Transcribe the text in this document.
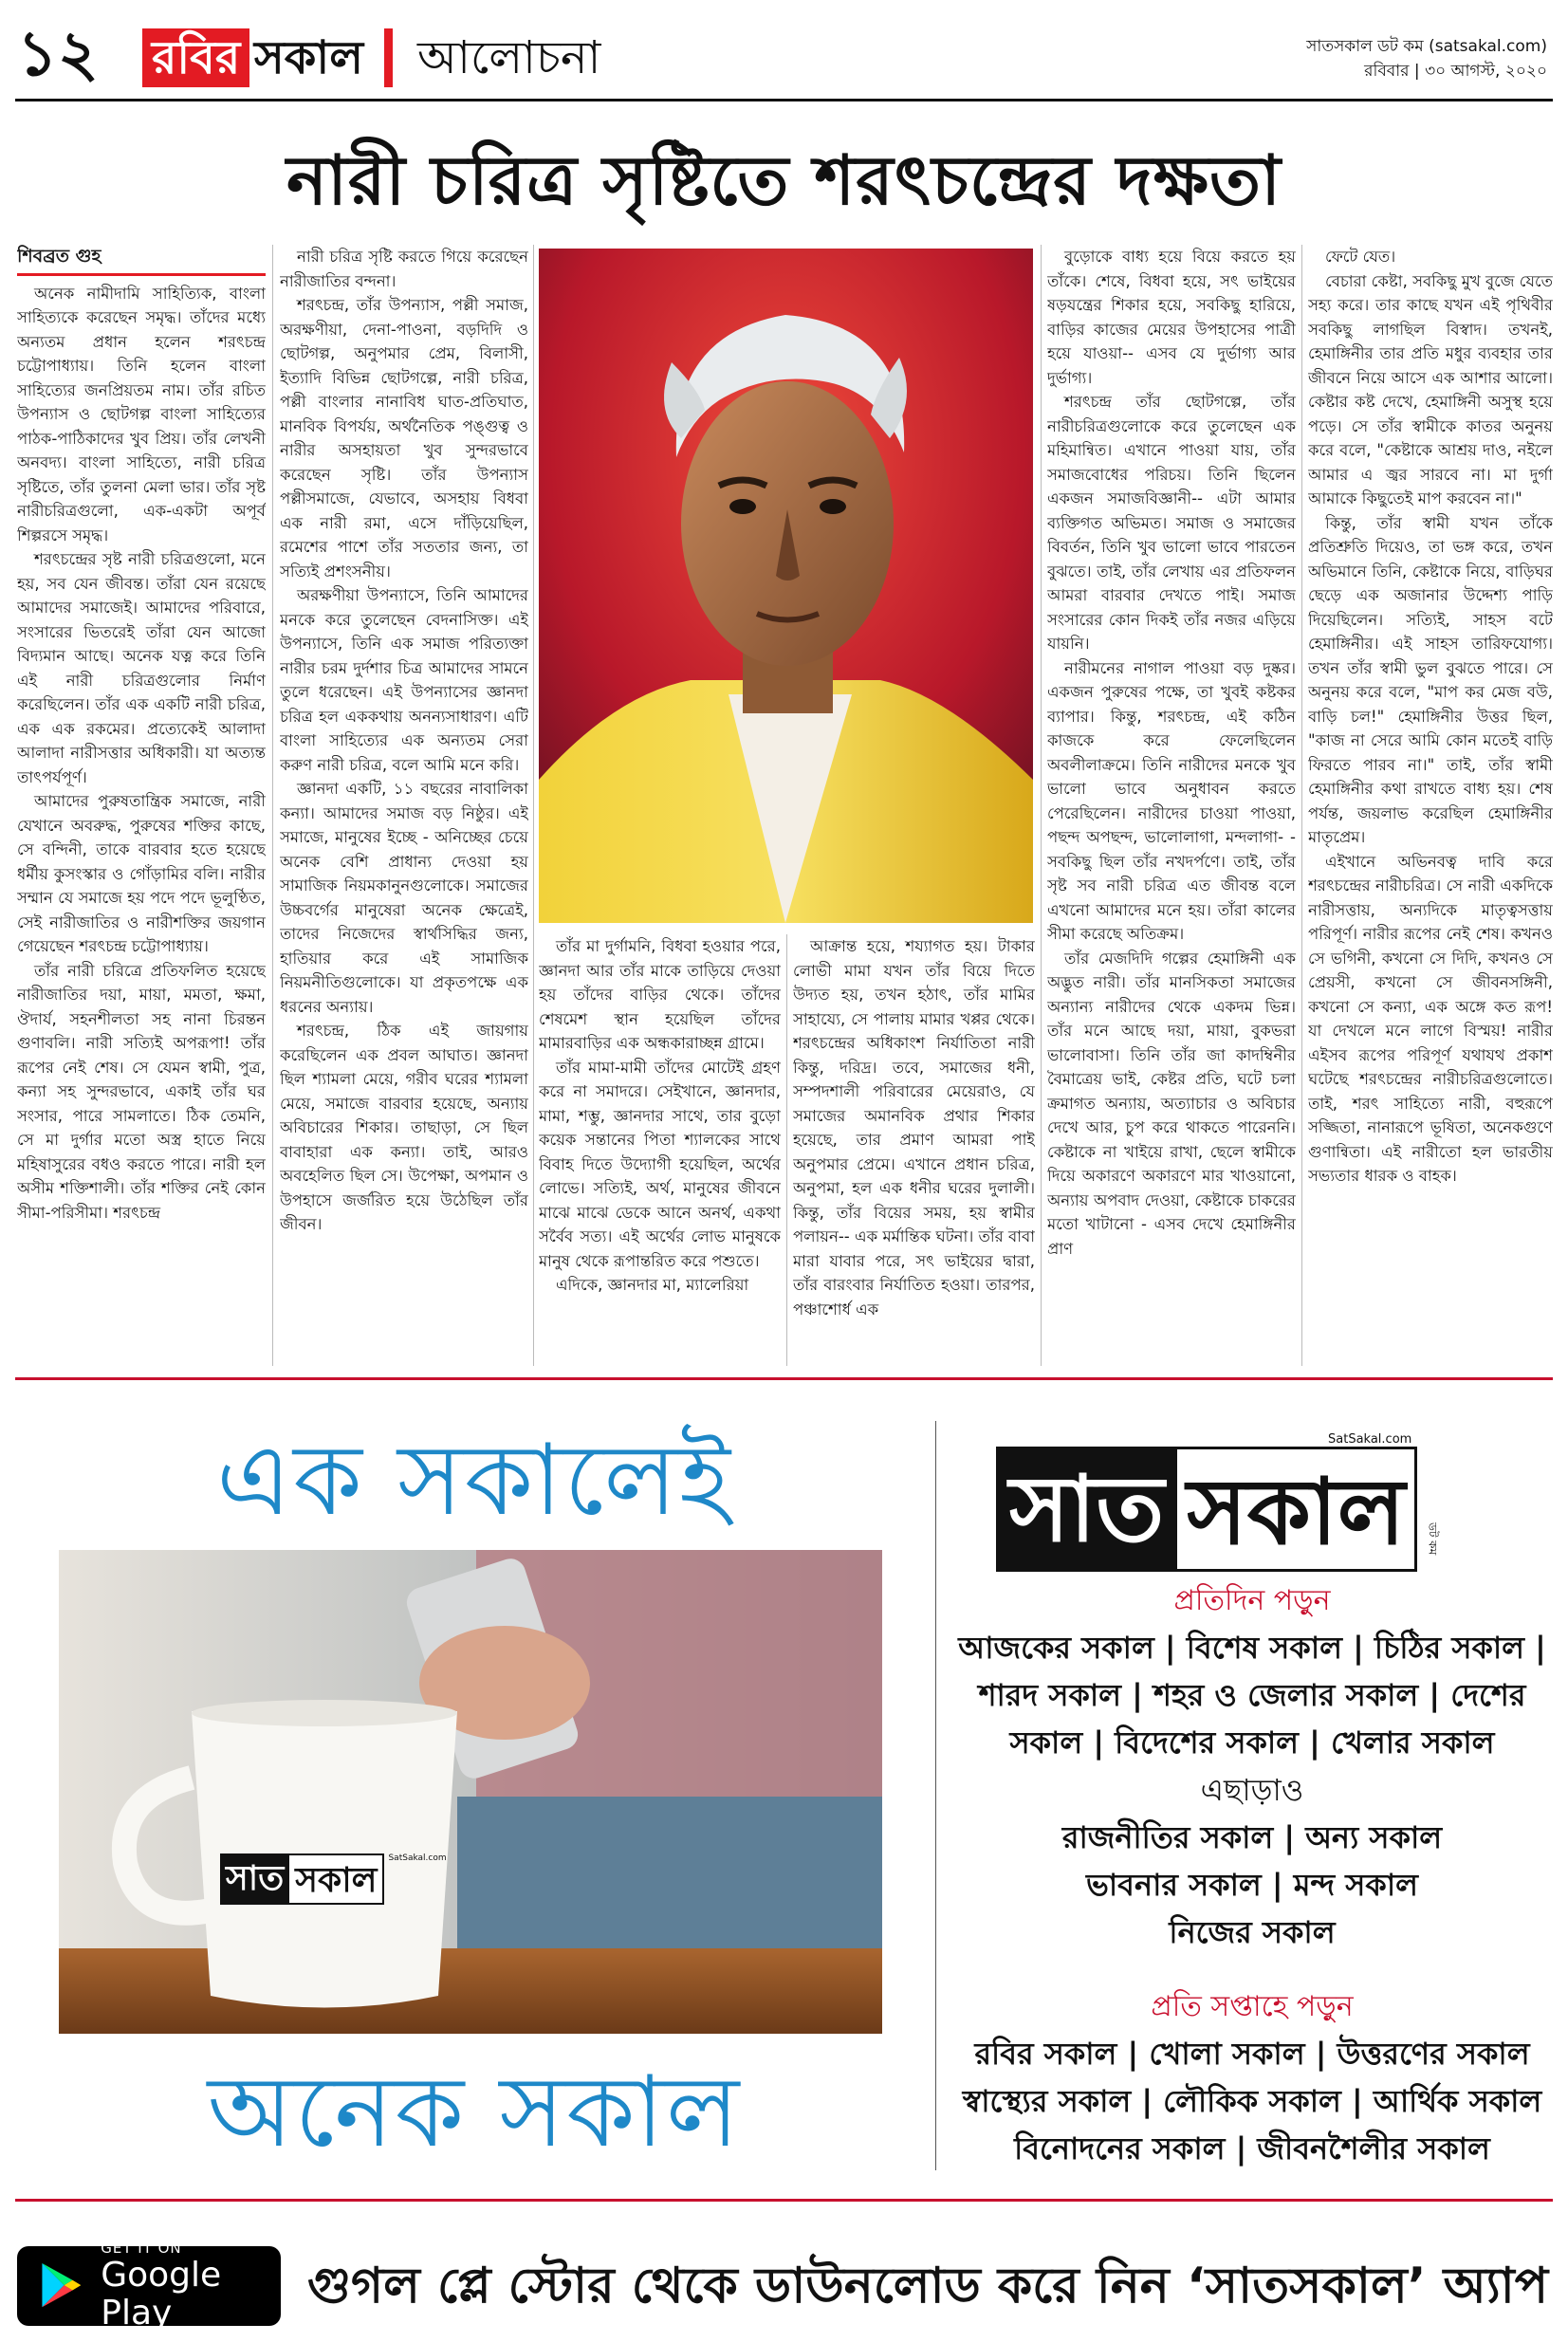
১২ রবির সকাল আলোচনা	সাতসকাল ডট কম (satsakal.com)
রবিবার | ৩০ আগস্ট, ২০২০
নারী চরিত্র সৃষ্টিতে শরৎচন্দ্রের দক্ষতা

শিবব্রত গুহ

অনেক নামীদামি সাহিত্যিক, বাংলা সাহিত্যকে করেছেন সমৃদ্ধ। তাঁদের মধ্যে অন্যতম প্রধান হলেন শরৎচন্দ্র চট্টোপাধ্যায়। তিনি হলেন বাংলা সাহিত্যের জনপ্রিয়তম নাম। তাঁর রচিত উপন্যাস ও ছোটগল্প বাংলা সাহিত্যের পাঠক-পাঠিকাদের খুব প্রিয়। তাঁর লেখনী অনবদ্য। বাংলা সাহিত্যে, নারী চরিত্র সৃষ্টিতে, তাঁর তুলনা মেলা ভার। তাঁর সৃষ্ট নারীচরিত্রগুলো, এক-একটা অপূর্ব শিল্পরসে সমৃদ্ধ।

শরৎচন্দ্রের সৃষ্ট নারী চরিত্রগুলো, মনে হয়, সব যেন জীবন্ত। তাঁরা যেন রয়েছে আমাদের সমাজেই। আমাদের পরিবারে, সংসারের ভিতরেই তাঁরা যেন আজো বিদ্যমান আছে। অনেক যত্ন করে তিনি এই নারী চরিত্রগুলোর নির্মাণ করেছিলেন। তাঁর এক একটি নারী চরিত্র, এক এক রকমের। প্রত্যেকেই আলাদা আলাদা নারীসত্তার অধিকারী। যা অত্যন্ত তাৎপর্যপূর্ণ।

আমাদের পুরুষতান্ত্রিক সমাজে, নারী যেখানে অবরুদ্ধ, পুরুষের শক্তির কাছে, সে বন্দিনী, তাকে বারবার হতে হয়েছে ধর্মীয় কুসংস্কার ও গোঁড়ামির বলি। নারীর সম্মান যে সমাজে হয় পদে পদে ভূলুণ্ঠিত, সেই নারীজাতির ও নারীশক্তির জয়গান গেয়েছেন শরৎচন্দ্র চট্টোপাধ্যায়।

তাঁর নারী চরিত্রে প্রতিফলিত হয়েছে নারীজাতির দয়া, মায়া, মমতা, ক্ষমা, ঔদার্য, সহনশীলতা সহ নানা চিরন্তন গুণাবলি। নারী সত্যিই অপরূপা! তাঁর রূপের নেই শেষ। সে যেমন স্বামী, পুত্র, কন্যা সহ সুন্দরভাবে, একাই তাঁর ঘর সংসার, পারে সামলাতে। ঠিক তেমনি, সে মা দুর্গার মতো অস্ত্র হাতে নিয়ে মহিষাসুরের বধও করতে পারে। নারী হল অসীম শক্তিশালী। তাঁর শক্তির নেই কোন সীমা-পরিসীমা। শরৎচন্দ্র

নারী চরিত্র সৃষ্টি করতে গিয়ে করেছেন নারীজাতির বন্দনা।

শরৎচন্দ্র, তাঁর উপন্যাস, পল্লী সমাজ, অরক্ষণীয়া, দেনা-পাওনা, বড়দিদি ও ছোটগল্প, অনুপমার প্রেম, বিলাসী, ইত্যাদি বিভিন্ন ছোটগল্পে, নারী চরিত্র, পল্লী বাংলার নানাবিধ ঘাত-প্রতিঘাত, মানবিক বিপর্যয়, অর্থনৈতিক পঙ্গুত্ব ও নারীর অসহায়তা খুব সুন্দরভাবে করেছেন সৃষ্টি। তাঁর উপন্যাস পল্লীসমাজে, যেভাবে, অসহায় বিধবা এক নারী রমা, এসে দাঁড়িয়েছিল, রমেশের পাশে তাঁর সততার জন্য, তা সত্যিই প্রশংসনীয়।

অরক্ষণীয়া উপন্যাসে, তিনি আমাদের মনকে করে তুলেছেন বেদনাসিক্ত। এই উপন্যাসে, তিনি এক সমাজ পরিত্যক্তা নারীর চরম দুর্দশার চিত্র আমাদের সামনে তুলে ধরেছেন। এই উপন্যাসের জ্ঞানদা চরিত্র হল এককথায় অনন্যসাধারণ। এটি বাংলা সাহিত্যের এক অন্যতম সেরা করুণ নারী চরিত্র, বলে আমি মনে করি।

জ্ঞানদা একটি, ১১ বছরের নাবালিকা কন্যা। আমাদের সমাজ বড় নিষ্ঠুর। এই সমাজে, মানুষের ইচ্ছে - অনিচ্ছের চেয়ে অনেক বেশি প্রাধান্য দেওয়া হয় সামাজিক নিয়মকানুনগুলোকে। সমাজের উচ্চবর্গের মানুষেরা অনেক ক্ষেত্রেই, তাদের নিজেদের স্বার্থসিদ্ধির জন্য, হাতিয়ার করে এই সামাজিক নিয়মনীতিগুলোকে। যা প্রকৃতপক্ষে এক ধরনের অন্যায়।

শরৎচন্দ্র, ঠিক এই জায়গায় করেছিলেন এক প্রবল আঘাত। জ্ঞানদা ছিল শ্যামলা মেয়ে, গরীব ঘরের শ্যামলা মেয়ে, সমাজে বারবার হয়েছে, অন্যায় অবিচারের শিকার। তাছাড়া, সে ছিল বাবাহারা এক কন্যা। তাই, আরও অবহেলিত ছিল সে। উপেক্ষা, অপমান ও উপহাসে জর্জরিত হয়ে উঠেছিল তাঁর জীবন।

তাঁর মা দুর্গামনি, বিধবা হওয়ার পরে, জ্ঞানদা আর তাঁর মাকে তাড়িয়ে দেওয়া হয় তাঁদের বাড়ির থেকে। তাঁদের শেষমেশ স্থান হয়েছিল তাঁদের মামারবাড়ির এক অন্ধকারাচ্ছন্ন গ্রামে।

তাঁর মামা-মামী তাঁদের মোটেই গ্রহণ করে না সমাদরে। সেইখানে, জ্ঞানদার, মামা, শম্ভু, জ্ঞানদার সাথে, তার বুড়ো কয়েক সন্তানের পিতা শ্যালকের সাথে বিবাহ দিতে উদ্যোগী হয়েছিল, অর্থের লোভে। সত্যিই, অর্থ, মানুষের জীবনে মাঝে মাঝে ডেকে আনে অনর্থ, একথা সর্বৈব সত্য। এই অর্থের লোভ মানুষকে মানুষ থেকে রূপান্তরিত করে পশুতে।

এদিকে, জ্ঞানদার মা, ম্যালেরিয়া

আক্রান্ত হয়ে, শয্যাগত হয়। টাকার লোভী মামা যখন তাঁর বিয়ে দিতে উদ্যত হয়, তখন হঠাৎ, তাঁর মামির সাহায্যে, সে পালায় মামার খপ্পর থেকে। শরৎচন্দ্রের অধিকাংশ নির্যাতিতা নারী কিন্তু, দরিদ্র। তবে, সমাজের ধনী, সম্পদশালী পরিবারের মেয়েরাও, যে সমাজের অমানবিক প্রথার শিকার হয়েছে, তার প্রমাণ আমরা পাই অনুপমার প্রেমে। এখানে প্রধান চরিত্র, অনুপমা, হল এক ধনীর ঘরের দুলালী। কিন্তু, তাঁর বিয়ের সময়, হয় স্বামীর পলায়ন-- এক মর্মান্তিক ঘটনা। তাঁর বাবা মারা যাবার পরে, সৎ ভাইয়ের দ্বারা, তাঁর বারংবার নির্যাতিত হওয়া। তারপর, পঞ্চাশোর্ধ এক

বুড়োকে বাধ্য হয়ে বিয়ে করতে হয় তাঁকে। শেষে, বিধবা হয়ে, সৎ ভাইয়ের ষড়যন্ত্রের শিকার হয়ে, সবকিছু হারিয়ে, বাড়ির কাজের মেয়ের উপহাসের পাত্রী হয়ে যাওয়া-- এসব যে দুর্ভাগ্য আর দুর্ভাগ্য।

শরৎচন্দ্র তাঁর ছোটগল্পে, তাঁর নারীচরিত্রগুলোকে করে তুলেছেন এক মহিমান্বিত। এখানে পাওয়া যায়, তাঁর সমাজবোধের পরিচয়। তিনি ছিলেন একজন সমাজবিজ্ঞানী-- এটা আমার ব্যক্তিগত অভিমত। সমাজ ও সমাজের বিবর্তন, তিনি খুব ভালো ভাবে পারতেন বুঝতে। তাই, তাঁর লেখায় এর প্রতিফলন আমরা বারবার দেখতে পাই। সমাজ সংসারের কোন দিকই তাঁর নজর এড়িয়ে যায়নি।

নারীমনের নাগাল পাওয়া বড় দুষ্কর। একজন পুরুষের পক্ষে, তা খুবই কষ্টকর ব্যাপার। কিন্তু, শরৎচন্দ্র, এই কঠিন কাজকে করে ফেলেছিলেন অবলীলাক্রমে। তিনি নারীদের মনকে খুব ভালো ভাবে অনুধাবন করতে পেরেছিলেন। নারীদের চাওয়া পাওয়া, পছন্দ অপছন্দ, ভালোলাগা, মন্দলাগা- - সবকিছু ছিল তাঁর নখদর্পণে। তাই, তাঁর সৃষ্ট সব নারী চরিত্র এত জীবন্ত বলে এখনো আমাদের মনে হয়। তাঁরা কালের সীমা করেছে অতিক্রম।

তাঁর মেজদিদি গল্পের হেমাঙ্গিনী এক অদ্ভুত নারী। তাঁর মানসিকতা সমাজের অন্যান্য নারীদের থেকে একদম ভিন্ন। তাঁর মনে আছে দয়া, মায়া, বুকভরা ভালোবাসা। তিনি তাঁর জা কাদম্বিনীর বৈমাত্রেয় ভাই, কেষ্টর প্রতি, ঘটে চলা ক্রমাগত অন্যায়, অত্যাচার ও অবিচার দেখে আর, চুপ করে থাকতে পারেননি। কেষ্টাকে না খাইয়ে রাখা, ছেলে স্বামীকে দিয়ে অকারণে অকারণে মার খাওয়ানো, অন্যায় অপবাদ দেওয়া, কেষ্টাকে চাকরের মতো খাটানো - এসব দেখে হেমাঙ্গিনীর প্রাণ

ফেটে যেত।

বেচারা কেষ্টা, সবকিছু মুখ বুজে যেতে সহ্য করে। তার কাছে যখন এই পৃথিবীর সবকিছু লাগছিল বিস্বাদ। তখনই, হেমাঙ্গিনীর তার প্রতি মধুর ব্যবহার তার জীবনে নিয়ে আসে এক আশার আলো। কেষ্টার কষ্ট দেখে, হেমাঙ্গিনী অসুস্থ হয়ে পড়ে। সে তাঁর স্বামীকে কাতর অনুনয় করে বলে, "কেষ্টাকে আশ্রয় দাও, নইলে আমার এ জ্বর সারবে না। মা দুর্গা আমাকে কিছুতেই মাপ করবেন না।"

কিন্তু, তাঁর স্বামী যখন তাঁকে প্রতিশ্রুতি দিয়েও, তা ভঙ্গ করে, তখন অভিমানে তিনি, কেষ্টাকে নিয়ে, বাড়িঘর ছেড়ে এক অজানার উদ্দেশ্য পাড়ি দিয়েছিলেন। সত্যিই, সাহস বটে হেমাঙ্গিনীর। এই সাহস তারিফযোগ্য। তখন তাঁর স্বামী ভুল বুঝতে পারে। সে অনুনয় করে বলে, "মাপ কর মেজ বউ, বাড়ি চল!" হেমাঙ্গিনীর উত্তর ছিল, "কাজ না সেরে আমি কোন মতেই বাড়ি ফিরতে পারব না।" তাই, তাঁর স্বামী হেমাঙ্গিনীর কথা রাখতে বাধ্য হয়। শেষ পর্যন্ত, জয়লাভ করেছিল হেমাঙ্গিনীর মাতৃপ্রেম।

এইখানে অভিনবত্ব দাবি করে শরৎচন্দ্রের নারীচরিত্র। সে নারী একদিকে নারীসত্তায়, অন্যদিকে মাতৃত্বসত্তায় পরিপূর্ণ। নারীর রূপের নেই শেষ। কখনও সে ভগিনী, কখনো সে দিদি, কখনও সে প্রেয়সী, কখনো সে জীবনসঙ্গিনী, কখনো সে কন্যা, এক অঙ্গে কত রূপ! যা দেখলে মনে লাগে বিস্ময়! নারীর এইসব রূপের পরিপূর্ণ যথাযথ প্রকাশ ঘটেছে শরৎচন্দ্রের নারীচরিত্রগুলোতে। তাই, শরৎ সাহিত্যে নারী, বহুরূপে সজ্জিতা, নানারূপে ভূষিতা, অনেকগুণে গুণান্বিতা। এই নারীতো হল ভারতীয় সভ্যতার ধারক ও বাহক।

এক সকালেই
সাত সকাল
SatSakal.com
অনেক সকাল
সাত সকাল	ডট কম
SatSakal.com
প্রতিদিন পড়ুন
আজকের সকাল | বিশেষ সকাল | চিঠির সকাল |
শারদ সকাল | শহর ও জেলার সকাল | দেশের
সকাল | বিদেশের সকাল | খেলার সকাল
এছাড়াও
রাজনীতির সকাল | অন্য সকাল
ভাবনার সকাল | মন্দ সকাল
নিজের সকাল
প্রতি সপ্তাহে পড়ুন
রবির সকাল | খোলা সকাল | উত্তরণের সকাল
স্বাস্থ্যের সকাল | লৌকিক সকাল | আর্থিক সকাল
বিনোদনের সকাল | জীবনশৈলীর সকাল
GET IT ON
Google Play	গুগল প্লে স্টোর থেকে ডাউনলোড করে নিন ‘সাতসকাল’ অ্যাপ
